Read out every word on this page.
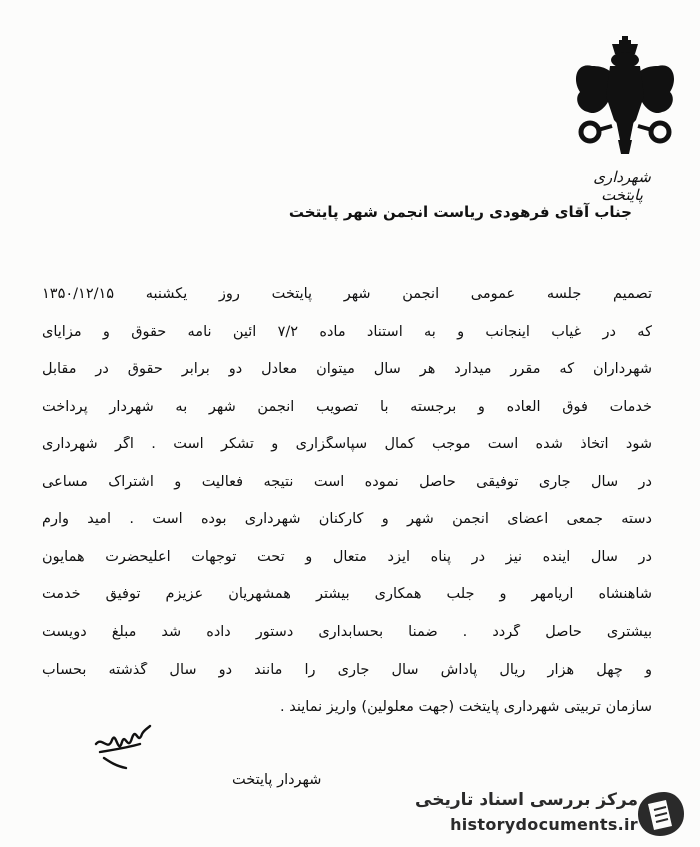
شهرداری پایتخت
جناب آقای فرهودی ریاست انجمن شهر پایتخت
تصمیم جلسه عمومی انجمن شهر پایتخت روز یکشنبه ۱۳۵۰/۱۲/۱۵
که در غیاب اینجانب و به استناد ماده ۷/۲ آئین نامه حقوق و مزایای
شهرداران که مقرر میدارد هر سال میتوان معادل دو برابر حقوق در مقابل
خدمات فوق العاده و برجسته با تصویب انجمن شهر به شهردار پرداخت
شود اتخاذ شده است موجب کمال سپاسگزاری و تشکر است . اگر شهرداری
در سال جاری توفیقی حاصل نموده است نتیجه فعالیت و اشتراک مساعی
دسته جمعی اعضای انجمن شهر و کارکنان شهرداری بوده است . امید وارم
در سال آینده نیز در پناه ایزد متعال و تحت توجهات اعلیحضرت همایون
شاهنشاه آریامهر و جلب همکاری بیشتر همشهریان عزیزم توفیق خدمت
بیشتری حاصل گردد . ضمنا بحسابداری دستور داده شد مبلغ دویست
و چهل هزار ریال پاداش سال جاری را مانند دو سال گذشته بحساب
سازمان تربیتی شهرداری پایتخت (جهت معلولین) واریز نمایند .
شهردار پایتخت
مرکز بررسی اسناد تاریخی
historydocuments.ir
